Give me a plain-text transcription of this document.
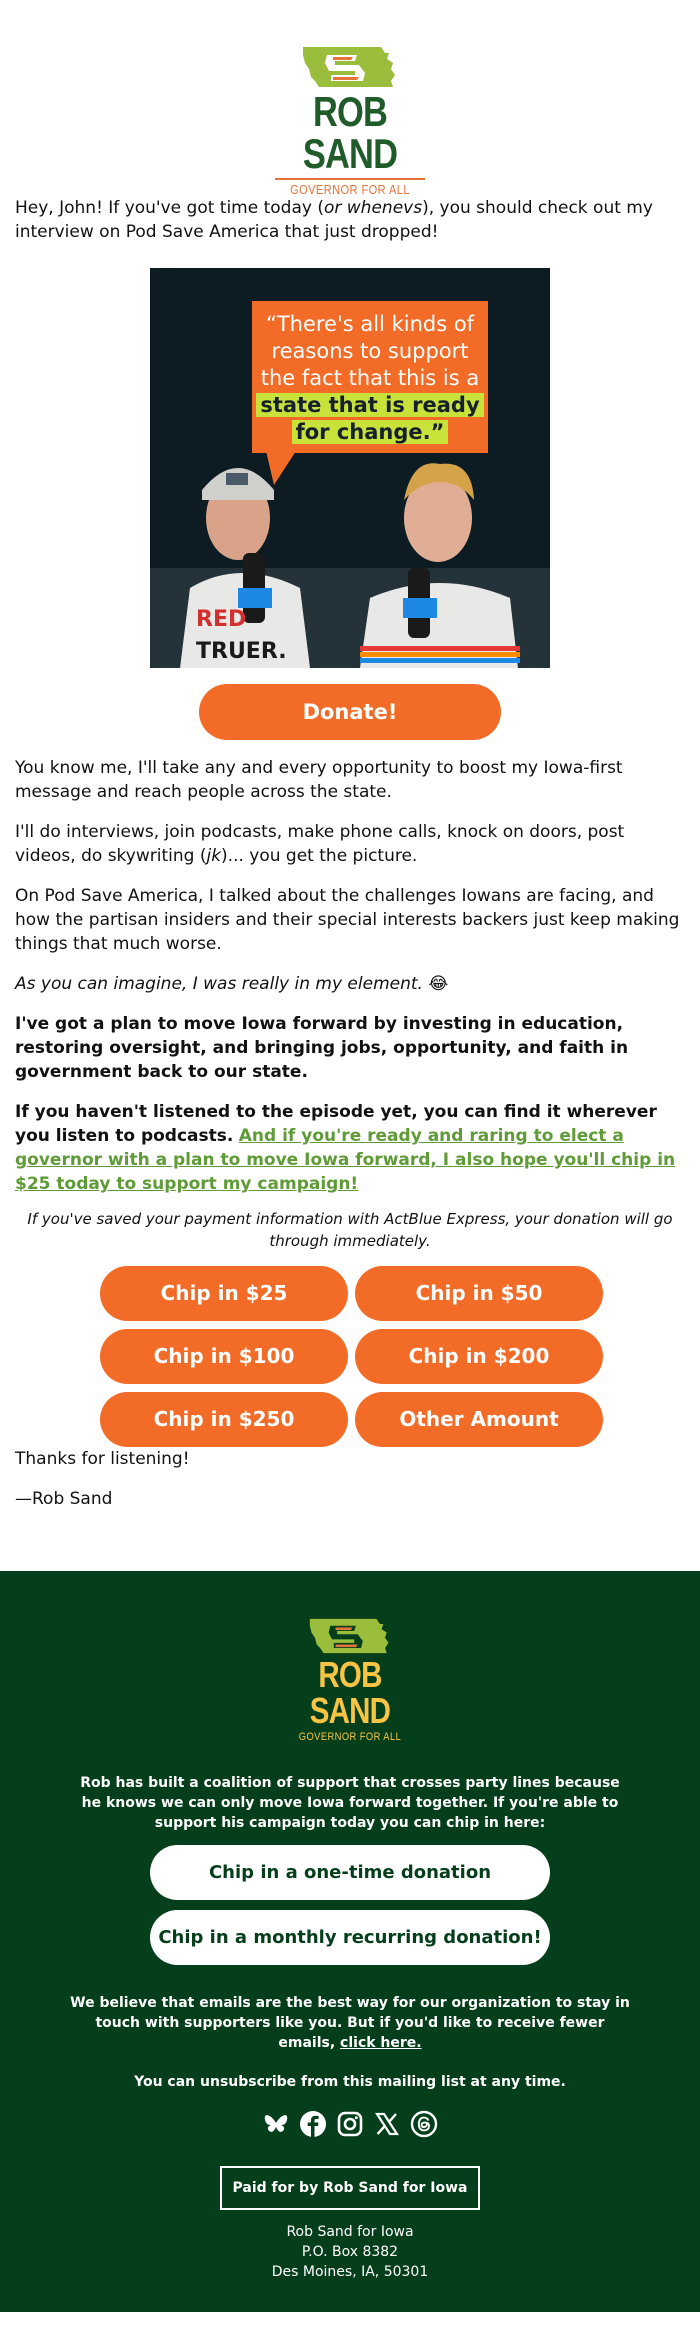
ROB SAND
GOVERNOR FOR ALL

Hey, John! If you've got time today (or whenevs), you should check out my interview on Pod Save America that just dropped!

RED
TRUER.
“There's all kinds of
reasons to support
the fact that this is a
state that is ready
for change.”
Donate!

You know me, I'll take any and every opportunity to boost my Iowa-first message and reach people across the state.

I'll do interviews, join podcasts, make phone calls, knock on doors, post videos, do skywriting (jk)... you get the picture.

On Pod Save America, I talked about the challenges Iowans are facing, and how the partisan insiders and their special interests backers just keep making things that much worse.

As you can imagine, I was really in my element. 😂

I've got a plan to move Iowa forward by investing in education, restoring oversight, and bringing jobs, opportunity, and faith in government back to our state.

If you haven't listened to the episode yet, you can find it wherever you listen to podcasts. And if you're ready and raring to elect a governor with a plan to move Iowa forward, I also hope you'll chip in $25 today to support my campaign!

If you've saved your payment information with ActBlue Express, your donation will go through immediately.

Chip in $25	Chip in $50
Chip in $100	Chip in $200
Chip in $250	Other Amount

Thanks for listening!

—Rob Sand

ROB SAND
GOVERNOR FOR ALL

Rob has built a coalition of support that crosses party lines because he knows we can only move Iowa forward together. If you're able to support his campaign today you can chip in here:

Chip in a one-time donation
Chip in a monthly recurring donation!

We believe that emails are the best way for our organization to stay in touch with supporters like you. But if you'd like to receive fewer emails, click here.

You can unsubscribe from this mailing list at any time.

Paid for by Rob Sand for Iowa
Rob Sand for Iowa
P.O. Box 8382
Des Moines, IA, 50301
